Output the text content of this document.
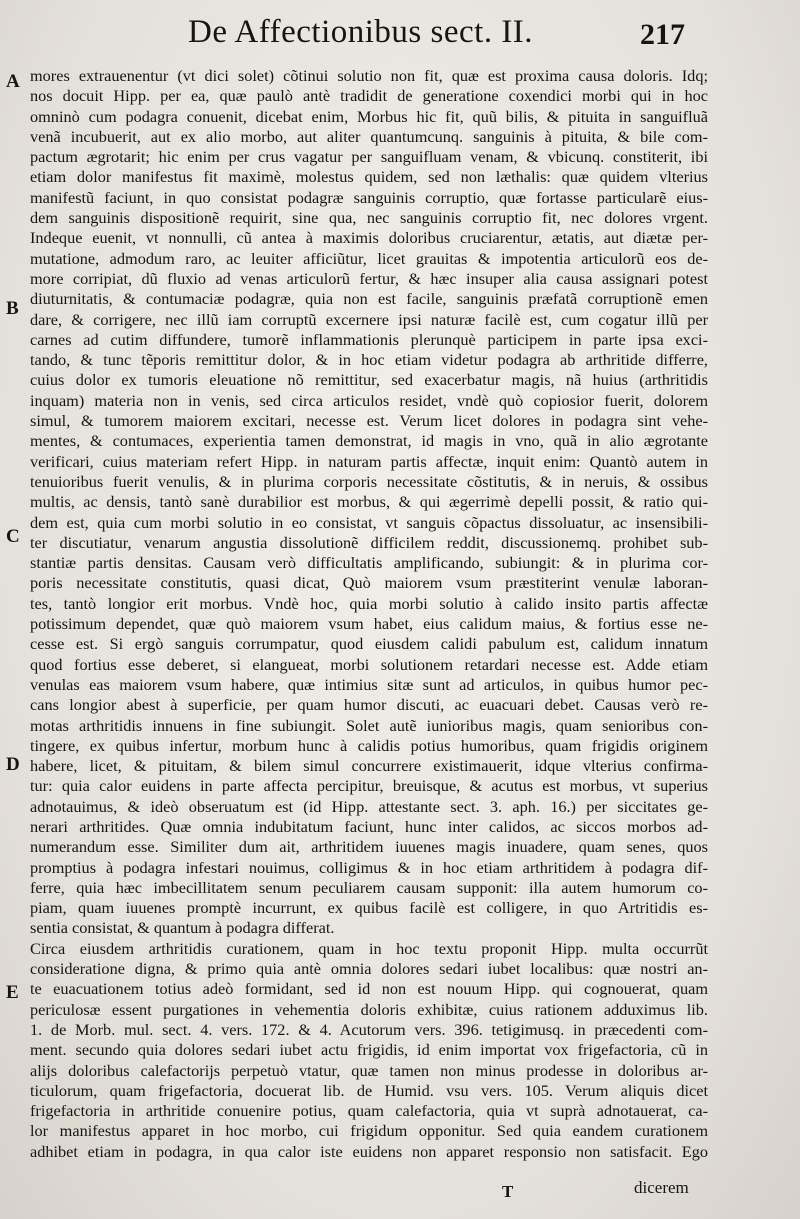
De Affectionibus sect. II.	217
A
B
C
D
E
mores extrauenentur (vt dici solet) cõtinui solutio non fit, quæ est proxima causa doloris. Idq;
nos docuit Hipp. per ea, quæ paulò antè tradidit de generatione coxendici morbi qui in hoc
omninò cum podagra conuenit, dicebat enim, Morbus hic fit, quũ bilis, & pituita in sanguifluã
venã incubuerit, aut ex alio morbo, aut aliter quantumcunq. sanguinis à pituita, & bile com-
pactum ægrotarit; hic enim per crus vagatur per sanguifluam venam, & vbicunq. constiterit, ibi
etiam dolor manifestus fit maximè, molestus quidem, sed non læthalis: quæ quidem vlterius
manifestũ faciunt, in quo consistat podagræ sanguinis corruptio, quæ fortasse particularẽ eius-
dem sanguinis dispositionẽ requirit, sine qua, nec sanguinis corruptio fit, nec dolores vrgent.
Indeque euenit, vt nonnulli, cũ antea à maximis doloribus cruciarentur, ætatis, aut diætæ per-
mutatione, admodum raro, ac leuiter afficiũtur, licet grauitas & impotentia articulorũ eos de-
more corripiat, dũ fluxio ad venas articulorũ fertur, & hæc insuper alia causa assignari potest
diuturnitatis, & contumaciæ podagræ, quia non est facile, sanguinis præfatã corruptionẽ emen
dare, & corrigere, nec illũ iam corruptũ excernere ipsi naturæ facilè est, cum cogatur illũ per
carnes ad cutim diffundere, tumorẽ inflammationis plerunquè participem in parte ipsa exci-
tando, & tunc tẽporis remittitur dolor, & in hoc etiam videtur podagra ab arthritide differre,
cuius dolor ex tumoris eleuatione nõ remittitur, sed exacerbatur magis, nã huius (arthritidis
inquam) materia non in venis, sed circa articulos residet, vndè quò copiosior fuerit, dolorem
simul, & tumorem maiorem excitari, necesse est. Verum licet dolores in podagra sint vehe-
mentes, & contumaces, experientia tamen demonstrat, id magis in vno, quã in alio ægrotante
verificari, cuius materiam refert Hipp. in naturam partis affectæ, inquit enim: Quantò autem in
tenuioribus fuerit venulis, & in plurima corporis necessitate cõstitutis, & in neruis, & ossibus
multis, ac densis, tantò sanè durabilior est morbus, & qui ægerrimè depelli possit, & ratio qui-
dem est, quia cum morbi solutio in eo consistat, vt sanguis cõpactus dissoluatur, ac insensibili-
ter discutiatur, venarum angustia dissolutionẽ difficilem reddit, discussionemq. prohibet sub-
stantiæ partis densitas. Causam verò difficultatis amplificando, subiungit: & in plurima cor-
poris necessitate constitutis, quasi dicat, Quò maiorem vsum præstiterint venulæ laboran-
tes, tantò longior erit morbus. Vndè hoc, quia morbi solutio à calido insito partis affectæ
potissimum dependet, quæ quò maiorem vsum habet, eius calidum maius, & fortius esse ne-
cesse est. Si ergò sanguis corrumpatur, quod eiusdem calidi pabulum est, calidum innatum
quod fortius esse deberet, si elangueat, morbi solutionem retardari necesse est. Adde etiam
venulas eas maiorem vsum habere, quæ intimius sitæ sunt ad articulos, in quibus humor pec-
cans longior abest à superficie, per quam humor discuti, ac euacuari debet. Causas verò re-
motas arthritidis innuens in fine subiungit. Solet autẽ iunioribus magis, quam senioribus con-
tingere, ex quibus infertur, morbum hunc à calidis potius humoribus, quam frigidis originem
habere, licet, & pituitam, & bilem simul concurrere existimauerit, idque vlterius confirma-
tur: quia calor euidens in parte affecta percipitur, breuisque, & acutus est morbus, vt superius
adnotauimus, & ideò obseruatum est (id Hipp. attestante sect. 3. aph. 16.) per siccitates ge-
nerari arthritides. Quæ omnia indubitatum faciunt, hunc inter calidos, ac siccos morbos ad-
numerandum esse. Similiter dum ait, arthritidem iuuenes magis inuadere, quam senes, quos
promptius à podagra infestari nouimus, colligimus & in hoc etiam arthritidem à podagra dif-
ferre, quia hæc imbecillitatem senum peculiarem causam supponit: illa autem humorum co-
piam, quam iuuenes promptè incurrunt, ex quibus facilè est colligere, in quo Artritidis es-
sentia consistat, & quantum à podagra differat.
Circa eiusdem arthritidis curationem, quam in hoc textu proponit Hipp. multa occurrũt
consideratione digna, & primo quia antè omnia dolores sedari iubet localibus: quæ nostri an-
te euacuationem totius adeò formidant, sed id non est nouum Hipp. qui cognouerat, quam
periculosæ essent purgationes in vehementia doloris exhibitæ, cuius rationem adduximus lib.
1. de Morb. mul. sect. 4. vers. 172. & 4. Acutorum vers. 396. tetigimusq. in præcedenti com-
ment. secundo quia dolores sedari iubet actu frigidis, id enim importat vox frigefactoria, cũ in
alijs doloribus calefactorijs perpetuò vtatur, quæ tamen non minus prodesse in doloribus ar-
ticulorum, quam frigefactoria, docuerat lib. de Humid. vsu vers. 105. Verum aliquis dicet
frigefactoria in arthritide conuenire potius, quam calefactoria, quia vt suprà adnotauerat, ca-
lor manifestus apparet in hoc morbo, cui frigidum opponitur. Sed quia eandem curationem
adhibet etiam in podagra, in qua calor iste euidens non apparet responsio non satisfacit. Ego
T	dicerem
